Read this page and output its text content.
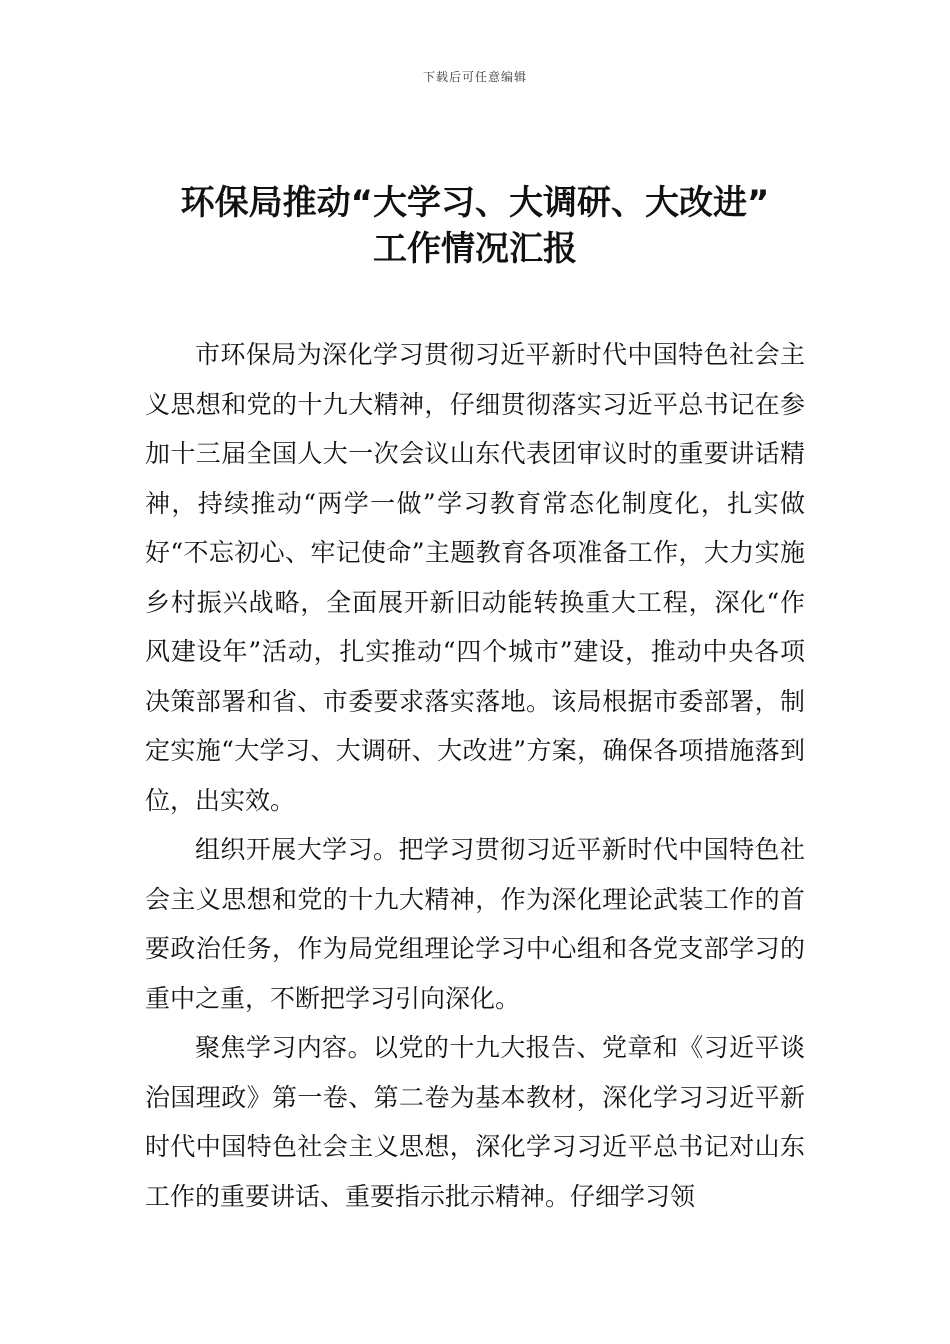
下载后可任意编辑
环保局推动“大学习、大调研、大改进”
工作情况汇报

市环保局为深化学习贯彻习近平新时代中国特色社会主义思想和党的十九大精神，仔细贯彻落实习近平总书记在参加十三届全国人大一次会议山东代表团审议时的重要讲话精神，持续推动“两学一做”学习教育常态化制度化，扎实做好“不忘初心、牢记使命”主题教育各项准备工作，大力实施乡村振兴战略，全面展开新旧动能转换重大工程，深化“作风建设年”活动，扎实推动“四个城市”建设，推动中央各项决策部署和省、市委要求落实落地。该局根据市委部署，制定实施“大学习、大调研、大改进”方案，确保各项措施落到位，出实效。

组织开展大学习。把学习贯彻习近平新时代中国特色社会主义思想和党的十九大精神，作为深化理论武装工作的首要政治任务，作为局党组理论学习中心组和各党支部学习的重中之重，不断把学习引向深化。

聚焦学习内容。以党的十九大报告、党章和《习近平谈治国理政》第一卷、第二卷为基本教材，深化学习习近平新时代中国特色社会主义思想，深化学习习近平总书记对山东工作的重要讲话、重要指示批示精神。仔细学习领
